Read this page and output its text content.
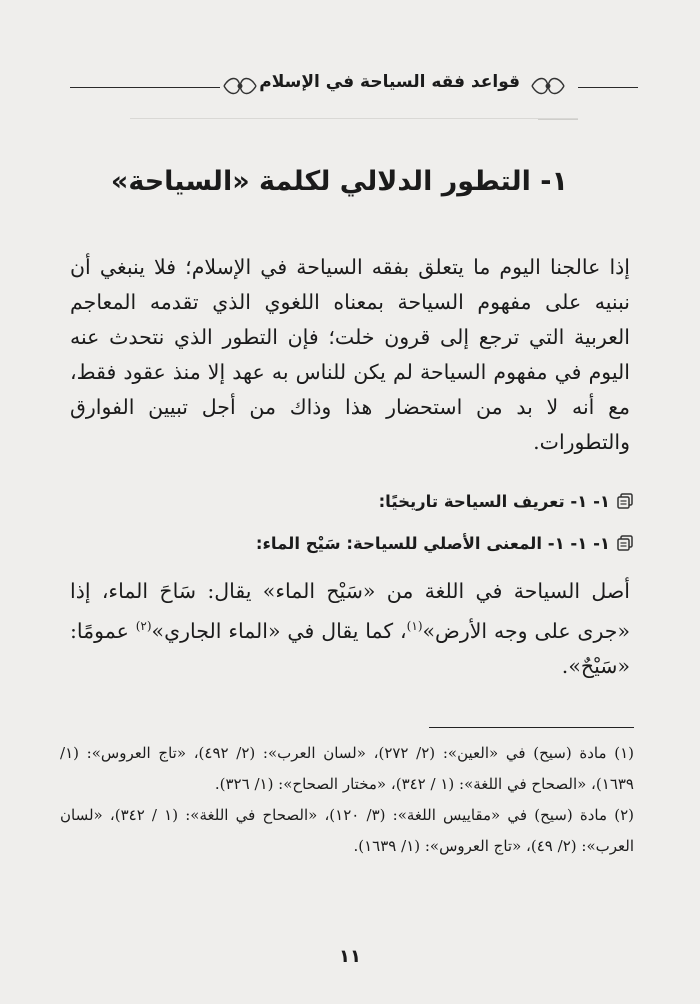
قواعد فقه السياحة في الإسلام
١- التطور الدلالي لكلمة «السياحة»

إذا عالجنا اليوم ما يتعلق بفقه السياحة في الإسلام؛ فلا ينبغي أن نبنيه على مفهوم السياحة بمعناه اللغوي الذي تقدمه المعاجم العربية التي ترجع إلى قرون خلت؛ فإن التطور الذي نتحدث عنه اليوم في مفهوم السياحة لم يكن للناس به عهد إلا منذ عقود فقط، مع أنه لا بد من استحضار هذا وذاك من أجل تبيين الفوارق والتطورات.

١- ١- تعريف السياحة تاريخيًا:
١- ١- ١- المعنى الأصلي للسياحة: سَيْح الماء:

أصل السياحة في اللغة من «سَيْح الماء» يقال: سَاحَ الماء، إذا «جرى على وجه الأرض»$^{(١)}$، كما يقال في «الماء الجاري»$^{(٢)}$ عمومًا: «سَيْحٌ».

(١) مادة (سيح) في «العين»: (٢/ ٢٧٢)، «لسان العرب»: (٢/ ٤٩٢)، «تاج العروس»: (١/ ١٦٣٩)، «الصحاح في اللغة»: (١ / ٣٤٢)، «مختار الصحاح»: (١/ ٣٢٦).

(٢) مادة (سيح) في «مقاييس اللغة»: (٣/ ١٢٠)، «الصحاح في اللغة»: (١ / ٣٤٢)، «لسان العرب»: (٢/ ٤٩)، «تاج العروس»: (١/ ١٦٣٩).

١١
